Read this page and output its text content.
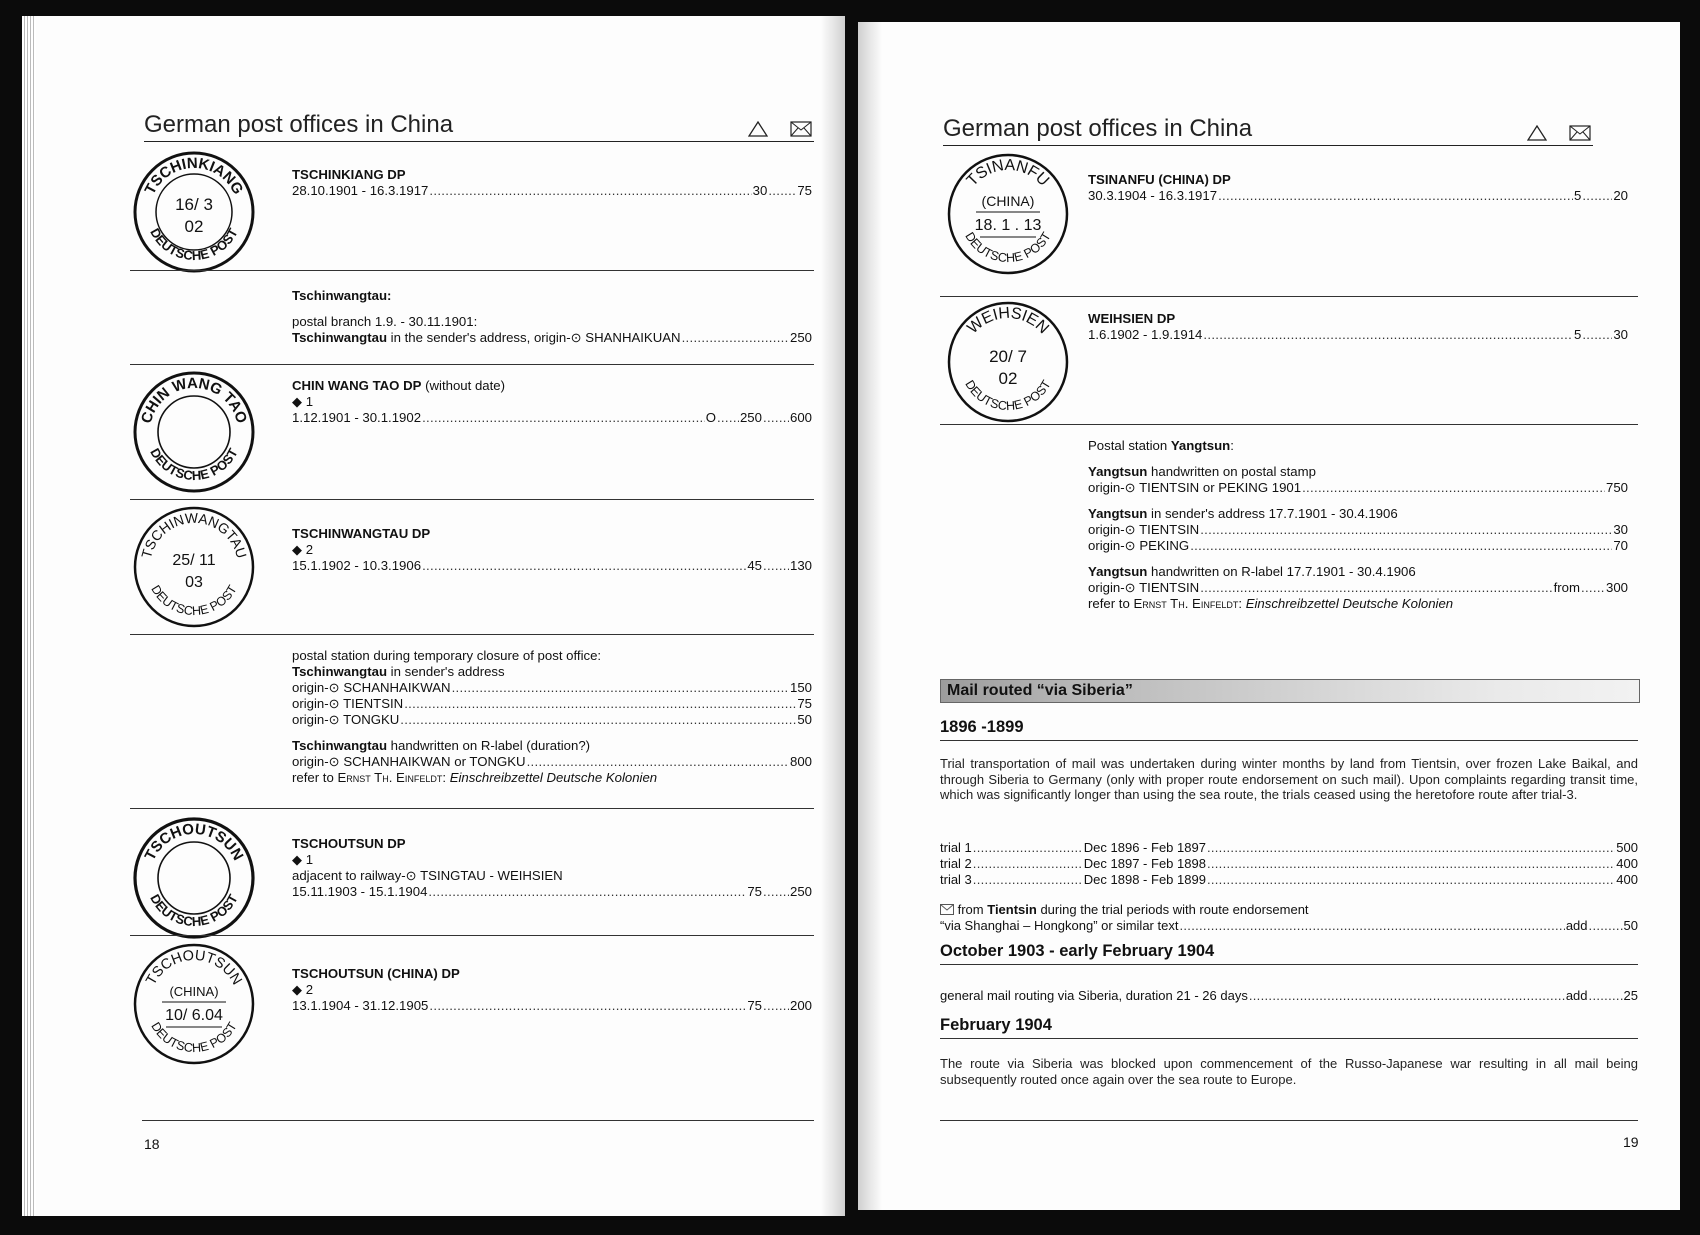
German post offices in China
TSCHINKIANG
DEUTSCHE POST
16/ 3
02
TSCHINKIANG DP
28.10.1901 - 16.3.1917 .....	30 ..... 75
Tschinwangtau:
postal branch 1.9. - 30.11.1901:
Tschinwangtau in the sender's address, origin-⊙ SHANHAIKUAN .....	250
CHIN WANG TAO
DEUTSCHE POST
CHIN WANG TAO DP (without date)
◆ 1
1.12.1901 - 30.1.1902 .....	O ..... 250 ..... 600
TSCHINWANGTAU
DEUTSCHE POST
25/ 11
03
TSCHINWANGTAU DP
◆ 2
15.1.1902 - 10.3.1906 .....	45 ..... 130
postal station during temporary closure of post office:
Tschinwangtau in sender's address
origin-⊙ SCHANHAIKWAN .....	150
origin-⊙ TIENTSIN .....	75
origin-⊙ TONGKU .....	50
Tschinwangtau handwritten on R-label (duration?)
origin-⊙ SCHANHAIKWAN or TONGKU .....	800
refer to Ernst Th. Einfeldt: Einschreibzettel Deutsche Kolonien
TSCHOUTSUN
DEUTSCHE POST
TSCHOUTSUN DP
◆ 1
adjacent to railway-⊙ TSINGTAU - WEIHSIEN
15.11.1903 - 15.1.1904 .....	75 ..... 250
TSCHOUTSUN
DEUTSCHE POST
(CHINA)
10/ 6.04
TSCHOUTSUN (CHINA) DP
◆ 2
13.1.1904 - 31.12.1905 .....	75 ..... 200
18
German post offices in China
TSINANFU
DEUTSCHE POST
(CHINA)
18. 1 . 13
TSINANFU (CHINA) DP
30.3.1904 - 16.3.1917 .....	5 ..... 20
WEIHSIEN
DEUTSCHE POST
20/ 7
02
WEIHSIEN DP
1.6.1902 - 1.9.1914 .....	5 ..... 30
Postal station Yangtsun:
Yangtsun handwritten on postal stamp
origin-⊙ TIENTSIN or PEKING 1901 .....	750
Yangtsun in sender's address 17.7.1901 - 30.4.1906
origin-⊙ TIENTSIN .....	30
origin-⊙ PEKING .....	70
Yangtsun handwritten on R-label 17.7.1901 - 30.4.1906
origin-⊙ TIENTSIN .....	from ..... 300
refer to Ernst Th. Einfeldt: Einschreibzettel Deutsche Kolonien
Mail routed “via Siberia”
1896 -1899
Trial transportation of mail was undertaken during winter months by land from Tientsin, over frozen Lake Baikal, and through Siberia to Germany (only with proper route endorsement on such mail). Upon complaints regarding transit time, which was significantly longer than using the sea route, the trials ceased using the heretofore route after trial-3.
trial 1 .....	Dec 1896 - Feb 1897 .....	500
trial 2 .....	Dec 1897 - Feb 1898 .....	400
trial 3 .....	Dec 1898 - Feb 1899 .....	400
from Tientsin during the trial periods with route endorsement
“via Shanghai – Hongkong” or similar text .....	add .....	50
October 1903 - early February 1904
general mail routing via Siberia, duration 21 - 26 days .....	add .....	25
February 1904
The route via Siberia was blocked upon commencement of the Russo-Japanese war resulting in all mail being subsequently routed once again over the sea route to Europe.
19
